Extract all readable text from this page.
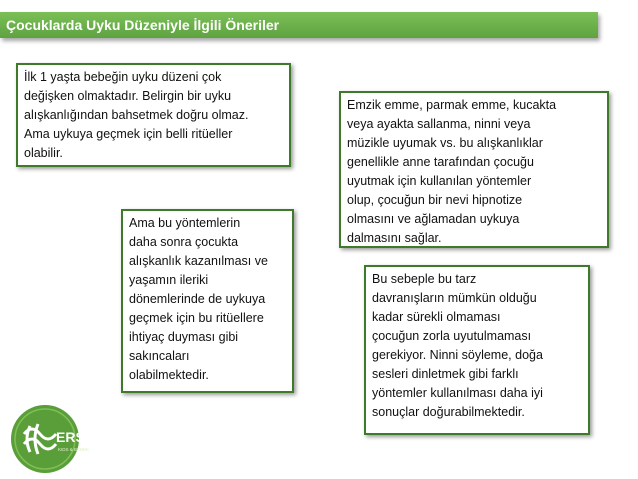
Çocuklarda Uyku Düzeniyle İlgili Öneriler
İlk 1 yaşta bebeğin uyku düzeni çok
değişken olmaktadır. Belirgin bir uyku
alışkanlığından bahsetmek doğru olmaz.
Ama uykuya geçmek için belli ritüeller
olabilir.
Emzik emme, parmak emme, kucakta
veya ayakta sallanma, ninni veya
müzikle uyumak vs. bu alışkanlıklar
genellikle anne tarafından çocuğu
uyutmak için kullanılan yöntemler
olup, çocuğun bir nevi hipnotize
olmasını ve ağlamadan uykuya
dalmasını sağlar.
Ama bu yöntemlerin
daha sonra çocukta
alışkanlık kazanılması ve
yaşamın ileriki
dönemlerinde de uykuya
geçmek için bu ritüellere
ihtiyaç duyması gibi
sakıncaları
olabilmektedir.
Bu sebeple bu tarz
davranışların mümkün olduğu
kadar sürekli olmaması
çocuğun zorla uyutulmaması
gerekiyor. Ninni söyleme, doğa
sesleri dinletmek gibi farklı
yöntemler kullanılması daha iyi
sonuçlar doğurabilmektedir.
ERSOY
KIDS & BEBEK
